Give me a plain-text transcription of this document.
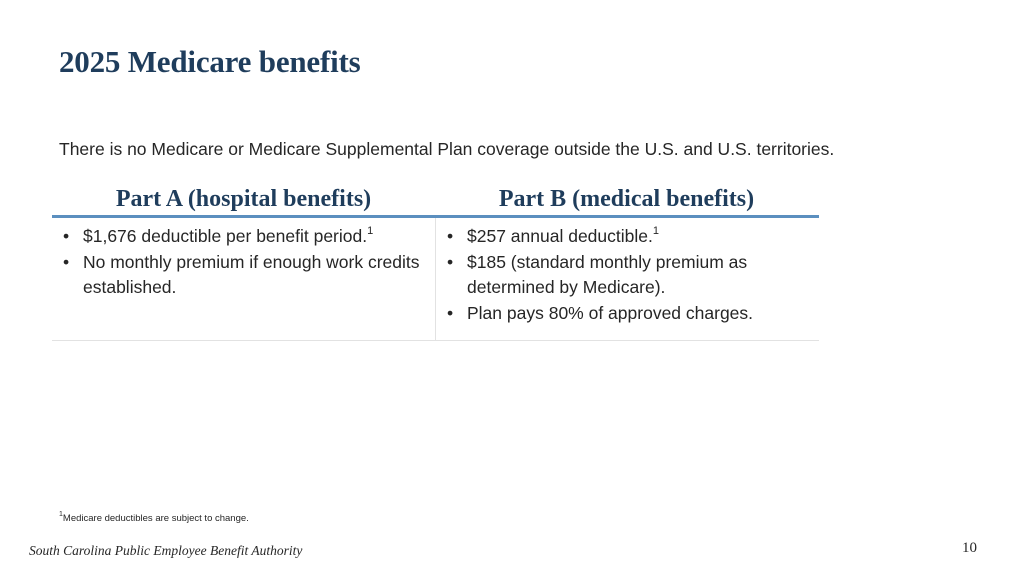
2025 Medicare benefits
There is no Medicare or Medicare Supplemental Plan coverage outside the U.S. and U.S. territories.
Part A (hospital benefits)	Part B (medical benefits)
• $1,676 deductible per benefit period.$^1$
• No monthly premium if enough work credits established.
• $257 annual deductible.$^1$
• $185 (standard monthly premium as determined by Medicare).
• Plan pays 80% of approved charges.
$^1$Medicare deductibles are subject to change.
South Carolina Public Employee Benefit Authority	10
